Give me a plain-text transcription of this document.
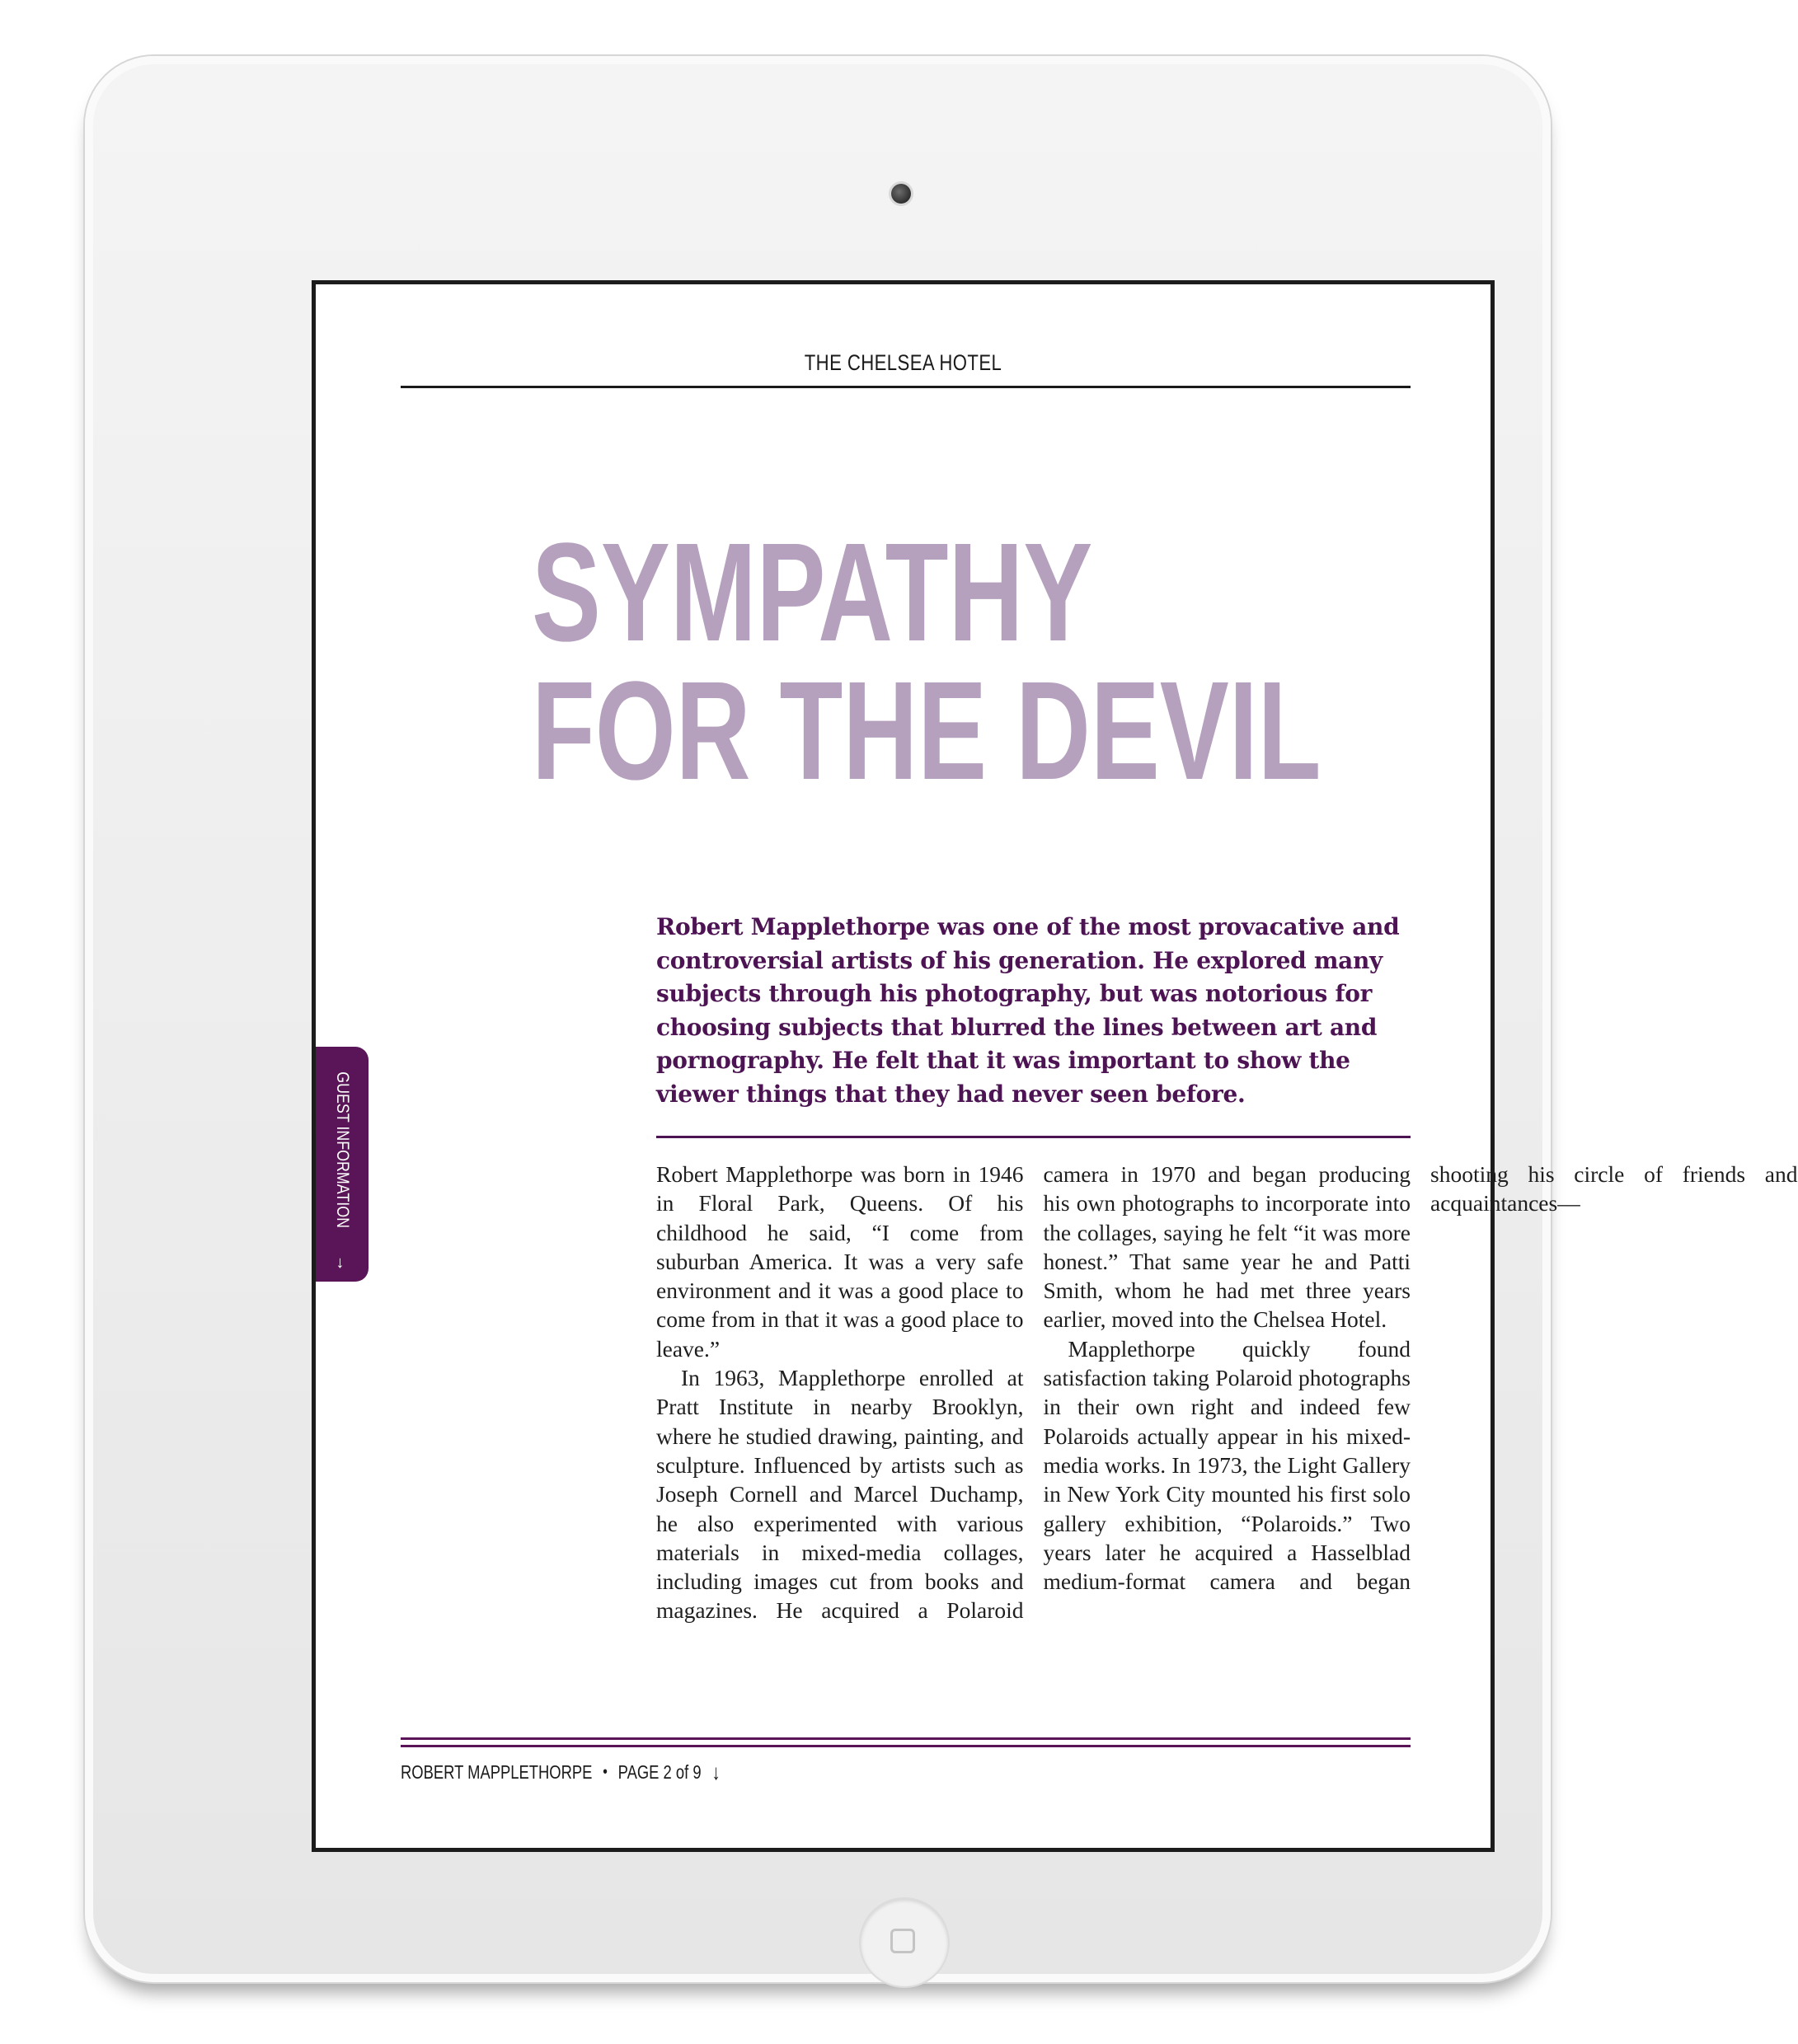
THE CHELSEA HOTEL
SYMPATHY
FOR THE DEVIL

Robert Mapplethorpe was one of the most provacative and controversial artists of his generation. He explored many subjects through his photography, but was notorious for choosing subjects that blurred the lines between art and pornography. He felt that it was important to show the viewer things that they had never seen before.

Robert Mapplethorpe was born in 1946 in Floral Park, Queens. Of his childhood he said, “I come from suburban America. It was a very safe environment and it was a good place to come from in that it was a good place to leave.”

In 1963, Mapplethorpe enrolled at Pratt Institute in nearby Brooklyn, where he studied drawing, painting, and sculpture. Influenced by artists such as Joseph Cornell and Marcel Duchamp, he also experimented with various materials in mixed-media collages, including images cut from books and magazines. He acquired a Polaroid camera in 1970 and began producing his own photographs to incorporate into the collages, saying he felt “it was more honest.” That same year he and Patti Smith, whom he had met three years earlier, moved into the Chelsea Hotel.

Mapplethorpe quickly found satisfaction taking Polaroid photographs in their own right and indeed few Polaroids actually appear in his mixed-media works. In 1973, the Light Gallery in New York City mounted his first solo gallery exhibition, “Polaroids.” Two years later he acquired a Hasselblad medium-format camera and began shooting his circle of friends and acquaintances—

GUEST INFORMATION
→
ROBERT MAPPLETHORPE • PAGE 2 of 9 ↓
